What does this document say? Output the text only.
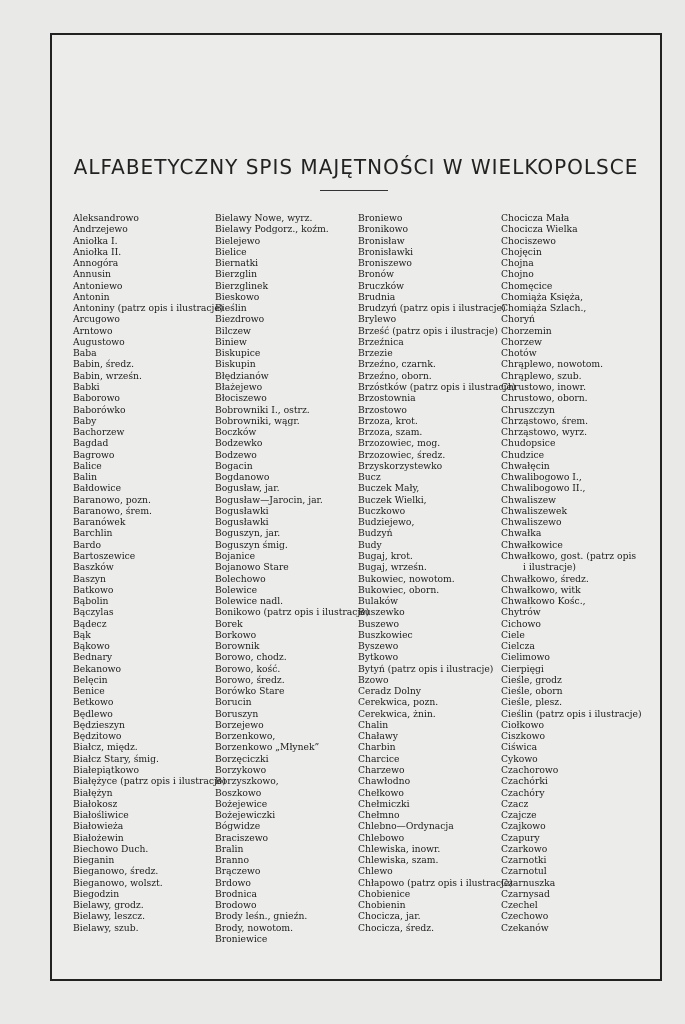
ALFABETYCZNY SPIS MAJĘTNOŚCI W WIELKOPOLSCE
Aleksandrowo
Andrzejewo
Aniołka I.
Aniołka II.
Annogóra
Annusin
Antoniewo
Antonin
Antoniny (patrz opis i ilustracje)
Arcugowo
Arntowo
Augustowo
Baba
Babin, średz.
Babin, wrześn.
Babki
Baborowo
Baborówko
Baby
Bachorzew
Bagdad
Bagrowo
Balice
Balin
Bałdowice
Baranowo, pozn.
Baranowo, śrem.
Baranówek
Barchlin
Bardo
Bartoszewice
Baszków
Baszyn
Batkowo
Bąbolin
Bączylas
Bądecz
Bąk
Bąkowo
Bednary
Bekanowo
Belęcin
Benice
Betkowo
Będlewo
Będzieszyn
Będzitowo
Białcz, międz.
Białcz Stary, śmig.
Białepiątkowo
Białężyce (patrz opis i ilustracje)
Białężyn
Białokosz
Białośliwice
Białowieża
Białożewin
Biechowo Duch.
Bieganin
Bieganowo, średz.
Bieganowo, wolszt.
Biegodzin
Bielawy, grodz.
Bielawy, leszcz.
Bielawy, szub.
Bielawy Nowe, wyrz.
Bielawy Podgorz., koźm.
Bielejewo
Bielice
Biernatki
Bierzglin
Bierzglinek
Bieskowo
Bieślin
Biezdrowo
Bilczew
Biniew
Biskupice
Biskupin
Błędzianów
Błażejewo
Błociszewo
Bobrowniki I., ostrz.
Bobrowniki, wągr.
Boczków
Bodzewko
Bodzewo
Bogacin
Bogdanowo
Bogusław, jar.
Bogusław—Jarocin, jar.
Bogusławki
Bogusławki
Boguszyn, jar.
Boguszyn śmig.
Bojanice
Bojanowo Stare
Bolechowo
Bolewice
Bolewice nadl.
Bonikowo (patrz opis i ilustracje)
Borek
Borkowo
Borownik
Borowo, chodz.
Borowo, kość.
Borowo, średz.
Borówko Stare
Borucin
Boruszyn
Borzejewo
Borzenkowo,
Borzenkowo „Młynek”
Borzęciczki
Borzykowo
Borzyszkowo,
Boszkowo
Bożejewice
Bożejewiczki
Bógwidze
Braciszewo
Bralin
Branno
Brączewo
Brdowo
Brodnica
Brodowo
Brody leśn., gnieźn.
Brody, nowotom.
Broniewice
Broniewo
Bronikowo
Bronisław
Bronisławki
Broniszewo
Bronów
Bruczków
Brudnia
Brudzyń (patrz opis i ilustracje)
Brylewo
Brześć (patrz opis i ilustracje)
Brzeźnica
Brzezie
Brzeźno, czarnk.
Brzeźno, oborn.
Brzóstków (patrz opis i ilustracje)
Brzostownia
Brzostowo
Brzoza, krot.
Brzoza, szam.
Brzozowiec, mog.
Brzozowiec, średz.
Brzyskorzystewko
Bucz
Buczek Mały,
Buczek Wielki,
Buczkowo
Budziejewo,
Budzyń
Budy
Bugaj, krot.
Bugaj, wrześn.
Bukowiec, nowotom.
Bukowiec, oborn.
Bulaków
Buszewko
Buszewo
Buszkowiec
Byszewo
Bytkowo
Bytyń (patrz opis i ilustracje)
Bzowo
Ceradz Dolny
Cerekwica, pozn.
Cerekwica, żnin.
Chalin
Chaławy
Charbin
Charcice
Charzewo
Chawłodno
Chełkowo
Chełmiczki
Chełmno
Chlebno—Ordynacja
Chlebowo
Chlewiska, inowr.
Chlewiska, szam.
Chlewo
Chłapowo (patrz opis i ilustracje)
Chobienice
Chobienin
Chocicza, jar.
Chocicza, średz.
Chocicza Mała
Chocicza Wielka
Chociszewo
Chojęcin
Chojna
Chojno
Chomęcice
Chomiąża Księża,
Chomiąża Szlach.,
Choryń
Chorzemin
Chorzew
Chotów
Chrąplewo, nowotom.
Chrąplewo, szub.
Chrustowo, inowr.
Chrustowo, oborn.
Chruszczyn
Chrząstowo, śrem.
Chrząstowo, wyrz.
Chudopsice
Chudzice
Chwałęcin
Chwalibogowo I.,
Chwalibogowo II.,
Chwaliszew
Chwaliszewek
Chwaliszewo
Chwałka
Chwałkowice
Chwałkowo, gost. (patrz opis
i ilustracje)
Chwałkowo, średz.
Chwałkowo, witk
Chwałkowo Kośc.,
Chytrów
Cichowo
Ciele
Cielcza
Cielimowo
Cierpięgi
Cieśle, grodz
Cieśle, oborn
Cieśle, plesz.
Cieślin (patrz opis i ilustracje)
Ciołkowo
Ciszkowo
Ciświca
Cykowo
Czachorowo
Czachórki
Czachóry
Czacz
Czajcze
Czajkowo
Czapury
Czarkowo
Czarnotki
Czarnotul
Czarnuszka
Czarnysad
Czechel
Czechowo
Czekanów
